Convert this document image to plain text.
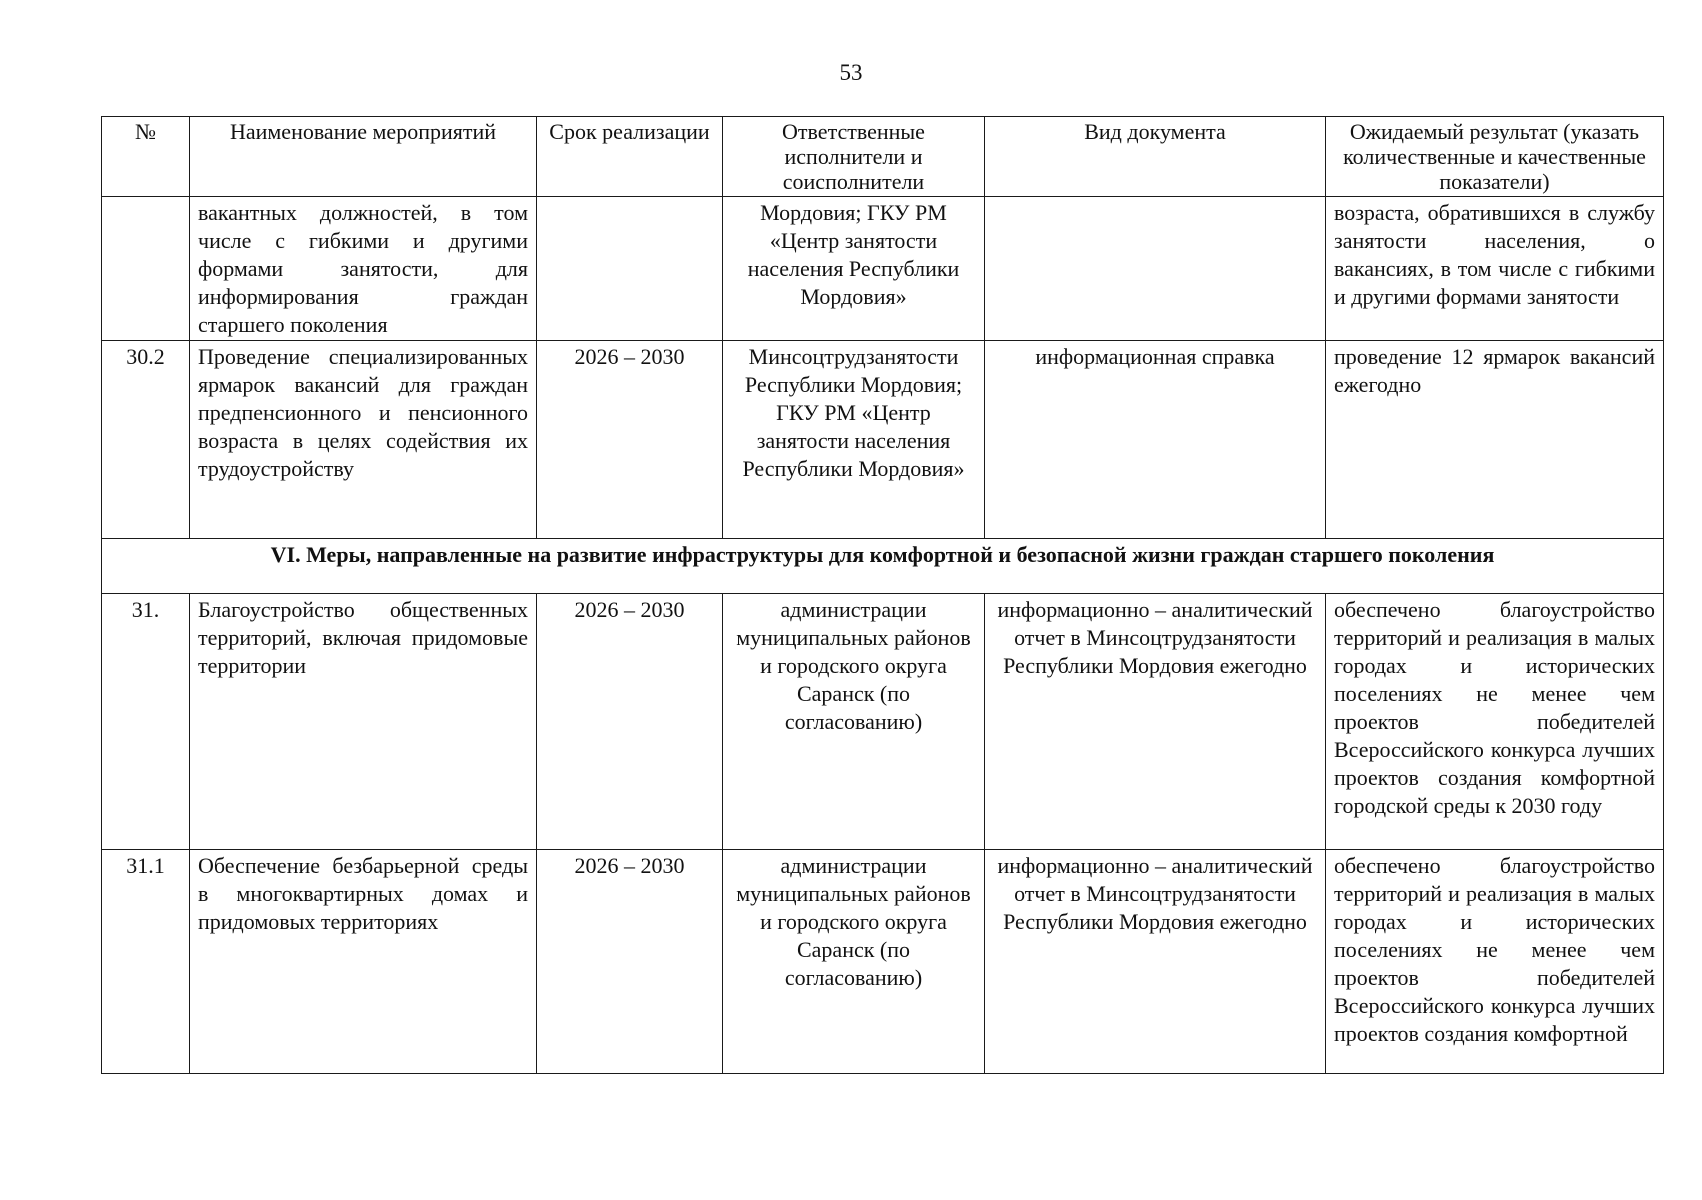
53
№	Наименование мероприятий	Срок реализации	Ответственные исполнители и соисполнители	Вид документа	Ожидаемый результат (указать количественные и качественные показатели)
	вакантных должностей, в том числе с гибкими и другими формами занятости, для информирования граждан старшего поколения		Мордовия; ГКУ РМ «Центр занятости населения Республики Мордовия»		возраста, обратившихся в службу занятости населения, о вакансиях, в том числе с гибкими и другими формами занятости
30.2	Проведение специализированных ярмарок вакансий для граждан предпенсионного и пенсионного возраста в целях содействия их трудоустройству	2026 – 2030	Минсоцтрудзанятости Республики Мордовия; ГКУ РМ «Центр занятости населения Республики Мордовия»	информационная справка	проведение 12 ярмарок вакансий ежегодно
VI. Меры, направленные на развитие инфраструктуры для комфортной и безопасной жизни граждан старшего поколения					
31.	Благоустройство общественных территорий, включая придомовые территории	2026 – 2030	администрации муниципальных районов и городского округа Саранск (по согласованию)	информационно – аналитический отчет в Минсоцтрудзанятости Республики Мордовия ежегодно	обеспечено благоустройство территорий и реализация в малых городах и исторических поселениях не менее чем проектов победителей Всероссийского конкурса лучших проектов создания комфортной городской среды к 2030 году
31.1	Обеспечение безбарьерной среды в многоквартирных домах и придомовых территориях	2026 – 2030	администрации муниципальных районов и городского округа Саранск (по согласованию)	информационно – аналитический отчет в Минсоцтрудзанятости Республики Мордовия ежегодно	обеспечено благоустройство территорий и реализация в малых городах и исторических поселениях не менее чем проектов победителей Всероссийского конкурса лучших проектов создания комфортной
